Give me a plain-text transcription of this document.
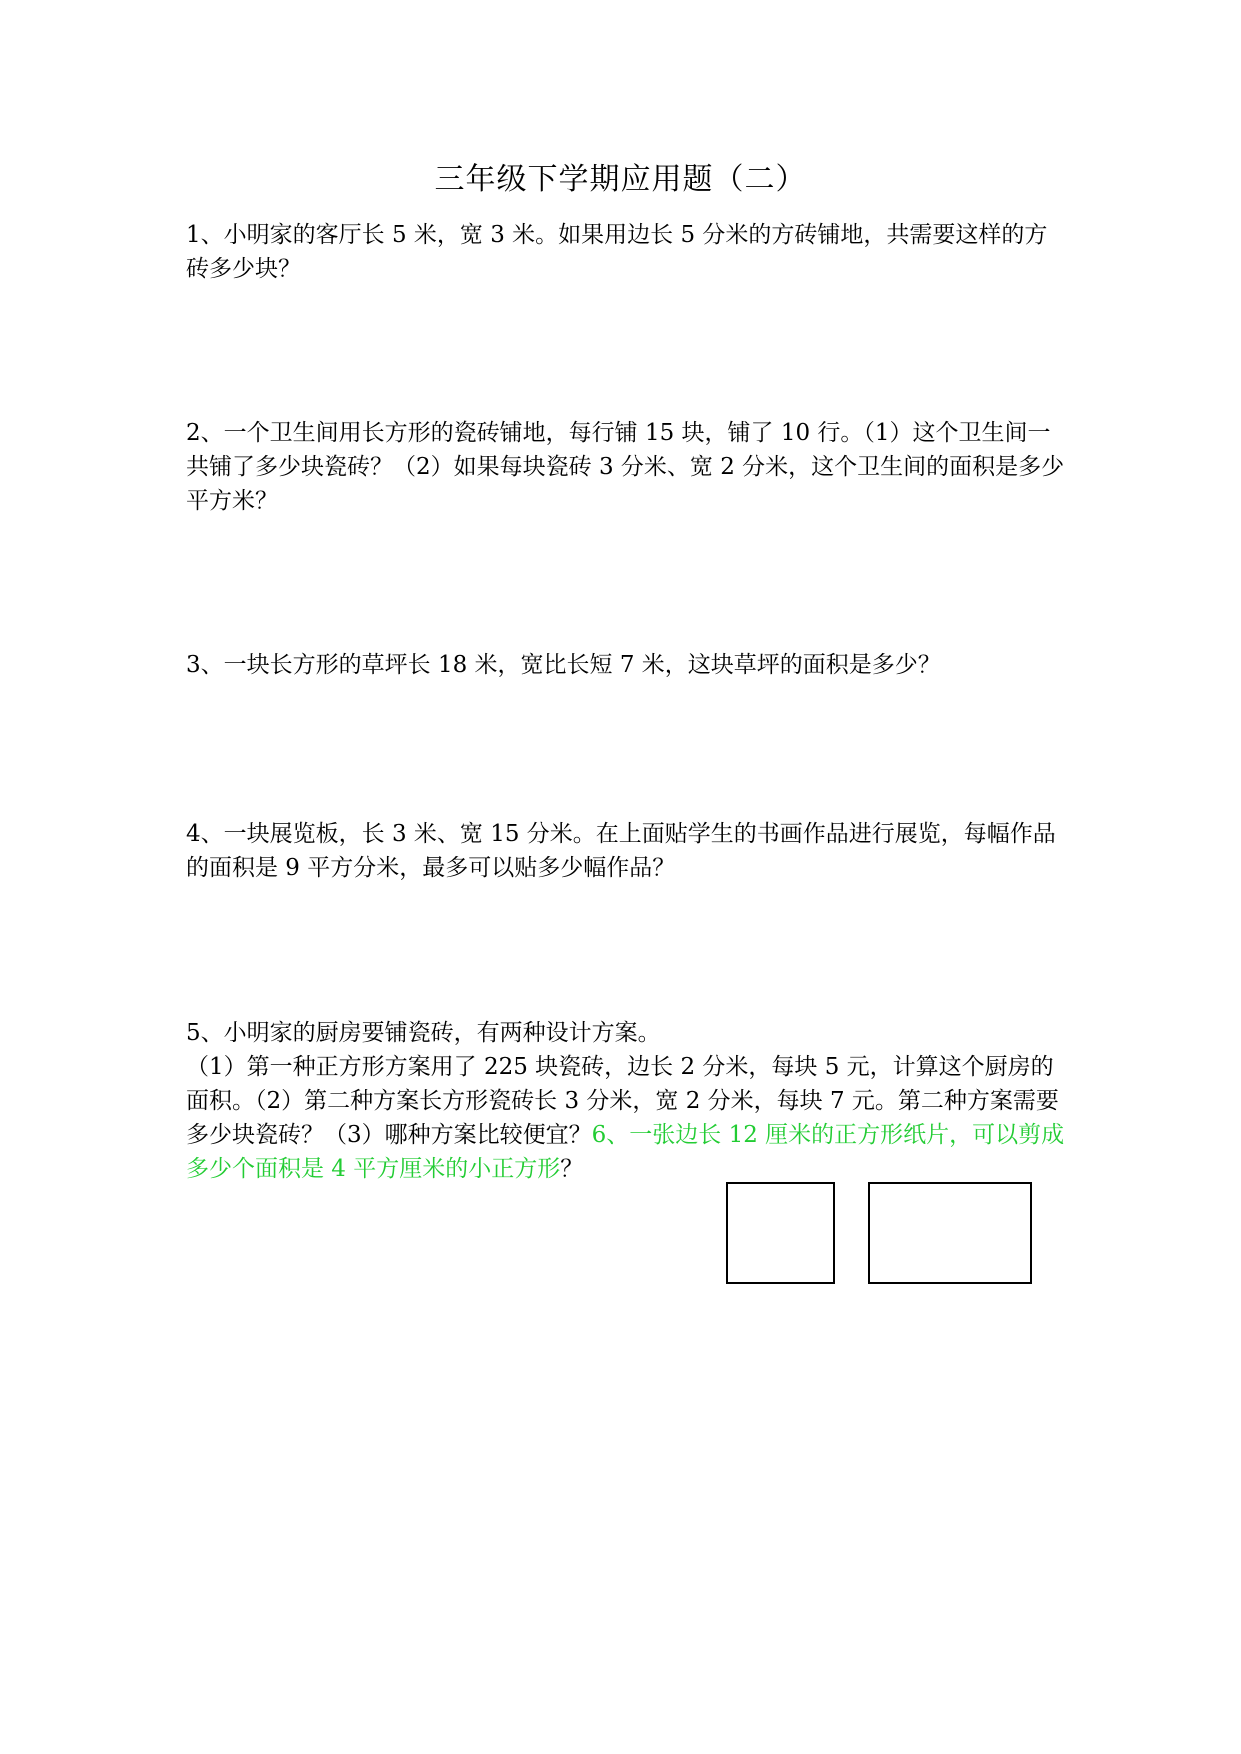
三年级下学期应用题（二）

1、小明家的客厅长 5 米，宽 3 米。如果用边长 5 分米的方砖铺地，共需要这样的方砖多少块？

2、一个卫生间用长方形的瓷砖铺地，每行铺 15 块，铺了 10 行。（1）这个卫生间一共铺了多少块瓷砖？（2）如果每块瓷砖 3 分米、宽 2 分米，这个卫生间的面积是多少平方米？

3、一块长方形的草坪长 18 米，宽比长短 7 米，这块草坪的面积是多少？

4、一块展览板，长 3 米、宽 15 分米。在上面贴学生的书画作品进行展览，每幅作品的面积是 9 平方分米，最多可以贴多少幅作品？

5、小明家的厨房要铺瓷砖，有两种设计方案。
（1）第一种正方形方案用了 225 块瓷砖，边长 2 分米，每块 5 元，计算这个厨房的面积。（2）第二种方案长方形瓷砖长 3 分米，宽 2 分米，每块 7 元。第二种方案需要多少块瓷砖？（3）哪种方案比较便宜？6、一张边长 12 厘米的正方形纸片，可以剪成多少个面积是 4 平方厘米的小正方形？
